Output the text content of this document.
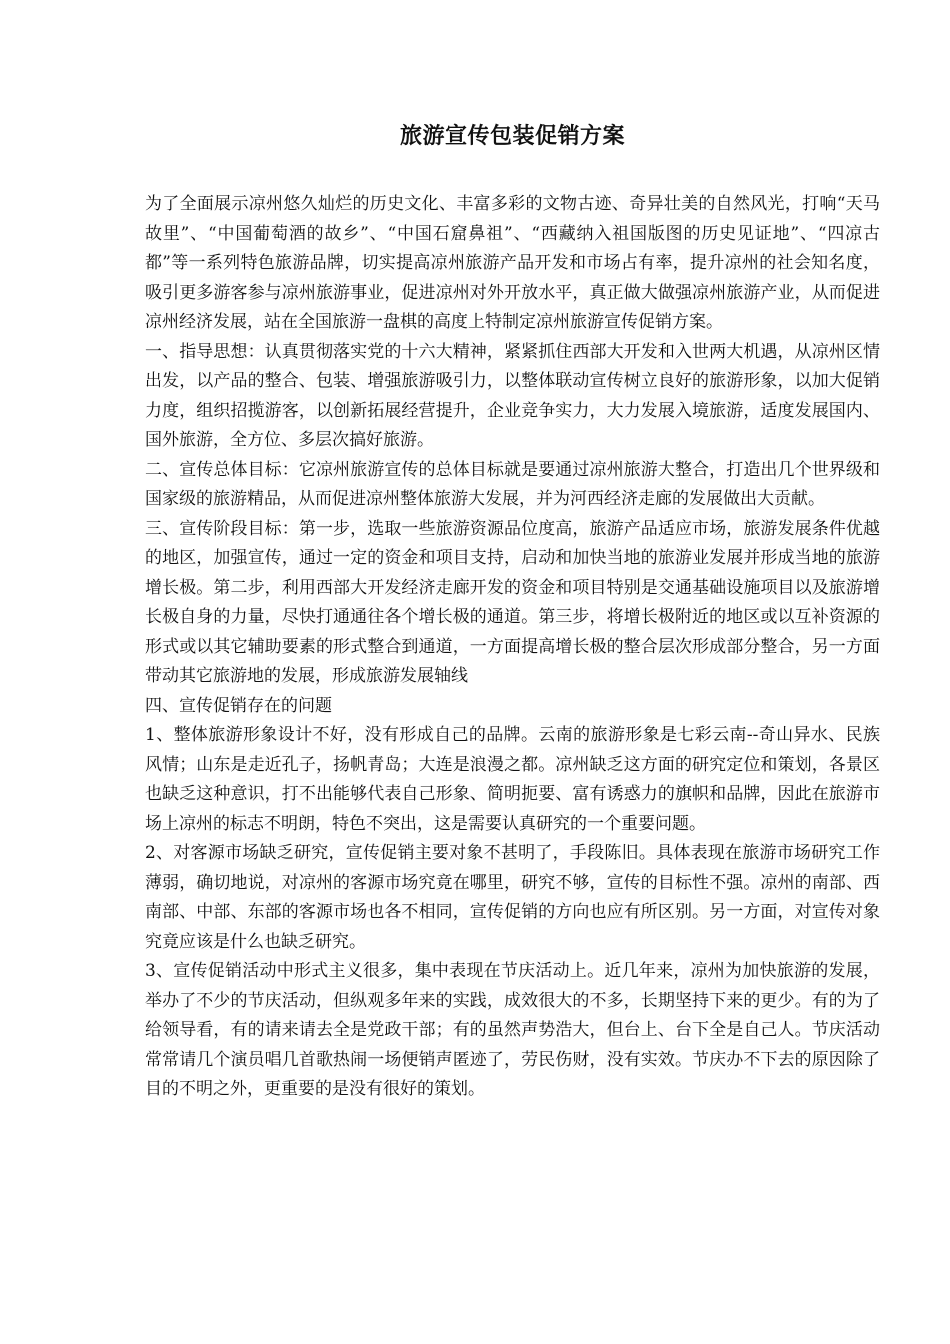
旅游宣传包装促销方案

为了全面展示凉州悠久灿烂的历史文化、丰富多彩的文物古迹、奇异壮美的自然风光，打响“天马故里”、“中国葡萄酒的故乡”、“中国石窟鼻祖”、“西藏纳入祖国版图的历史见证地”、“四凉古都”等一系列特色旅游品牌，切实提高凉州旅游产品开发和市场占有率，提升凉州的社会知名度，吸引更多游客参与凉州旅游事业，促进凉州对外开放水平，真正做大做强凉州旅游产业，从而促进凉州经济发展，站在全国旅游一盘棋的高度上特制定凉州旅游宣传促销方案。

一、指导思想：认真贯彻落实党的十六大精神，紧紧抓住西部大开发和入世两大机遇，从凉州区情出发，以产品的整合、包装、增强旅游吸引力，以整体联动宣传树立良好的旅游形象，以加大促销力度，组织招揽游客，以创新拓展经营提升，企业竞争实力，大力发展入境旅游，适度发展国内、国外旅游，全方位、多层次搞好旅游。

二、宣传总体目标：它凉州旅游宣传的总体目标就是要通过凉州旅游大整合，打造出几个世界级和国家级的旅游精品，从而促进凉州整体旅游大发展，并为河西经济走廊的发展做出大贡献。

三、宣传阶段目标：第一步，选取一些旅游资源品位度高，旅游产品适应市场，旅游发展条件优越的地区，加强宣传，通过一定的资金和项目支持，启动和加快当地的旅游业发展并形成当地的旅游增长极。第二步，利用西部大开发经济走廊开发的资金和项目特别是交通基础设施项目以及旅游增长极自身的力量，尽快打通通往各个增长极的通道。第三步，将增长极附近的地区或以互补资源的形式或以其它辅助要素的形式整合到通道，一方面提高增长极的整合层次形成部分整合，另一方面带动其它旅游地的发展，形成旅游发展轴线

四、宣传促销存在的问题

1、整体旅游形象设计不好，没有形成自己的品牌。云南的旅游形象是七彩云南--奇山异水、民族风情；山东是走近孔子，扬帆青岛；大连是浪漫之都。凉州缺乏这方面的研究定位和策划，各景区也缺乏这种意识，打不出能够代表自己形象、简明扼要、富有诱惑力的旗帜和品牌，因此在旅游市场上凉州的标志不明朗，特色不突出，这是需要认真研究的一个重要问题。

2、对客源市场缺乏研究，宣传促销主要对象不甚明了，手段陈旧。具体表现在旅游市场研究工作薄弱，确切地说，对凉州的客源市场究竟在哪里，研究不够，宣传的目标性不强。凉州的南部、西南部、中部、东部的客源市场也各不相同，宣传促销的方向也应有所区别。另一方面，对宣传对象究竟应该是什么也缺乏研究。

3、宣传促销活动中形式主义很多，集中表现在节庆活动上。近几年来，凉州为加快旅游的发展，举办了不少的节庆活动，但纵观多年来的实践，成效很大的不多，长期坚持下来的更少。有的为了给领导看，有的请来请去全是党政干部；有的虽然声势浩大，但台上、台下全是自己人。节庆活动常常请几个演员唱几首歌热闹一场便销声匿迹了，劳民伤财，没有实效。节庆办不下去的原因除了目的不明之外，更重要的是没有很好的策划。
